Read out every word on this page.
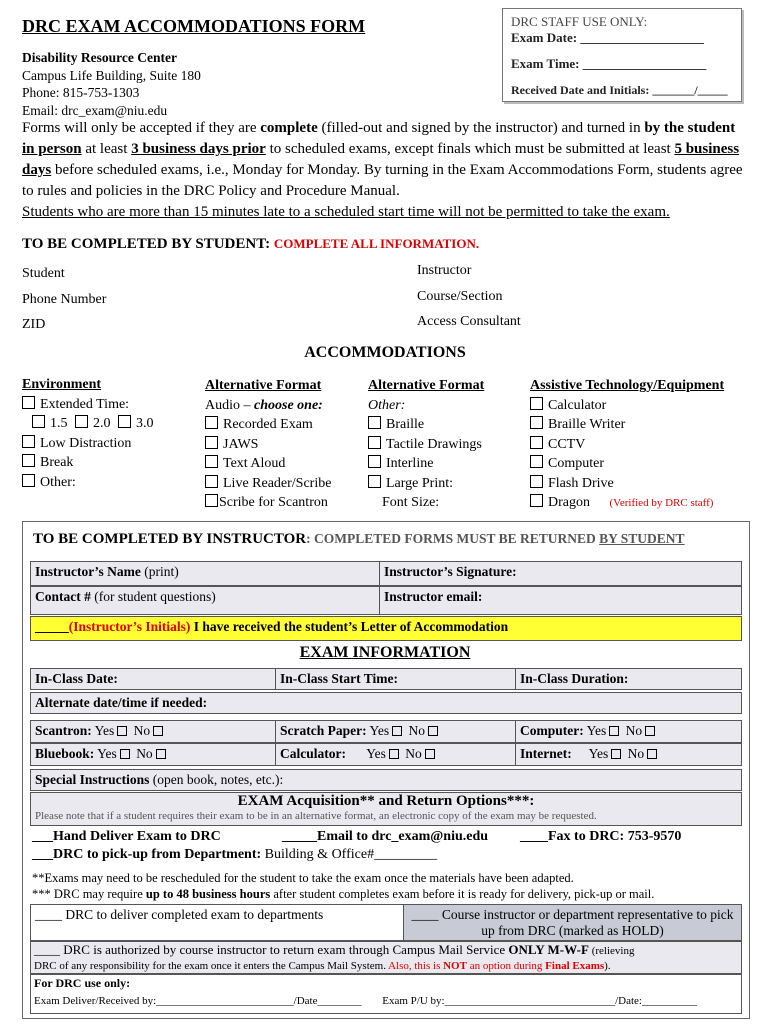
DRC EXAM ACCOMMODATIONS FORM
Disability Resource Center
Campus Life Building, Suite 180
Phone: 815-753-1303
Email: drc_exam@niu.edu
DRC STAFF USE ONLY:
Exam Date: ___________________
Exam Time: ___________________
Received Date and Initials: _______/_____
Forms will only be accepted if they are complete (filled-out and signed by the instructor) and turned in by the student in person at least 3 business days prior to scheduled exams, except finals which must be submitted at least 5 business days before scheduled exams, i.e., Monday for Monday. By turning in the Exam Accommodations Form, students agree to rules and policies in the DRC Policy and Procedure Manual.
Students who are more than 15 minutes late to a scheduled start time will not be permitted to take the exam.
TO BE COMPLETED BY STUDENT: COMPLETE ALL INFORMATION.
Student
Phone Number
ZID
Instructor
Course/Section
Access Consultant
ACCOMMODATIONS
Environment
Extended Time:
1.5 2.0 3.0
Low Distraction
Break
Other:
Alternative Format
Audio – choose one:
Recorded Exam
JAWS
Text Aloud
Live Reader/Scribe
Scribe for Scantron
Alternative Format
Other:
Braille
Tactile Drawings
Interline
Large Print:
Font Size:
Assistive Technology/Equipment
Calculator
Braille Writer
CCTV
Computer
Flash Drive
Dragon (Verified by DRC staff)
TO BE COMPLETED BY INSTRUCTOR: COMPLETED FORMS MUST BE RETURNED BY STUDENT
Instructor’s Name (print)	Instructor’s Signature:
Contact # (for student questions)	Instructor email:
_____(Instructor’s Initials) I have received the student’s Letter of Accommodation
EXAM INFORMATION
In-Class Date:	In-Class Start Time:	In-Class Duration:
Alternate date/time if needed:
Scantron: Yes No	Scratch Paper: Yes No	Computer: Yes No
Bluebook: Yes No	Calculator: Yes No	Internet: Yes No
Special Instructions (open book, notes, etc.):
EXAM Acquisition** and Return Options***:
Please note that if a student requires their exam to be in an alternative format, an electronic copy of the exam may be requested.
___Hand Deliver Exam to DRC	_____Email to drc_exam@niu.edu ____Fax to DRC: 753-9570
___DRC to pick-up from Department: Building & Office#_________
**Exams may need to be rescheduled for the student to take the exam once the materials have been adapted.
*** DRC may require up to 48 business hours after student completes exam before it is ready for delivery, pick-up or mail.
____ DRC to deliver completed exam to departments	____ Course instructor or department representative to pick up from DRC (marked as HOLD)
____ DRC is authorized by course instructor to return exam through Campus Mail Service ONLY M-W-F (relieving
DRC of any responsibility for the exam once it enters the Campus Mail System. Also, this is NOT an option during Final Exams).
For DRC use only:
Exam Deliver/Received by:_________________________/Date________ Exam P/U by:_______________________________/Date:__________
